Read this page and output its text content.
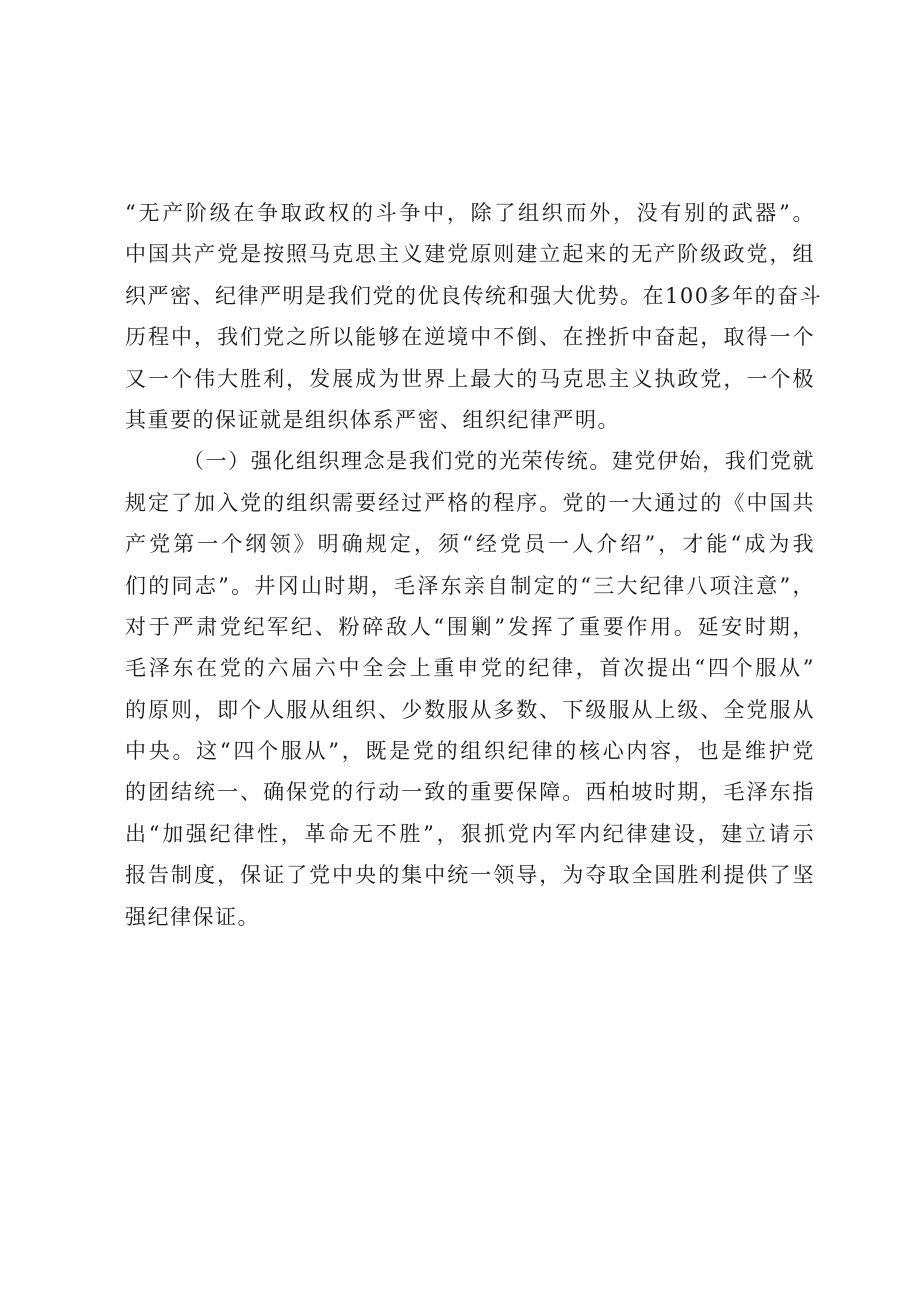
“无产阶级在争取政权的斗争中，除了组织而外，没有别的武器”。
中国共产党是按照马克思主义建党原则建立起来的无产阶级政党，组
织严密、纪律严明是我们党的优良传统和强大优势。在100多年的奋斗
历程中，我们党之所以能够在逆境中不倒、在挫折中奋起，取得一个
又一个伟大胜利，发展成为世界上最大的马克思主义执政党，一个极
其重要的保证就是组织体系严密、组织纪律严明。
（一）强化组织理念是我们党的光荣传统。建党伊始，我们党就
规定了加入党的组织需要经过严格的程序。党的一大通过的《中国共
产党第一个纲领》明确规定，须“经党员一人介绍”，才能“成为我
们的同志”。井冈山时期，毛泽东亲自制定的“三大纪律八项注意”，
对于严肃党纪军纪、粉碎敌人“围剿”发挥了重要作用。延安时期，
毛泽东在党的六届六中全会上重申党的纪律，首次提出“四个服从”
的原则，即个人服从组织、少数服从多数、下级服从上级、全党服从
中央。这“四个服从”，既是党的组织纪律的核心内容，也是维护党
的团结统一、确保党的行动一致的重要保障。西柏坡时期，毛泽东指
出“加强纪律性，革命无不胜”，狠抓党内军内纪律建设，建立请示
报告制度，保证了党中央的集中统一领导，为夺取全国胜利提供了坚
强纪律保证。
